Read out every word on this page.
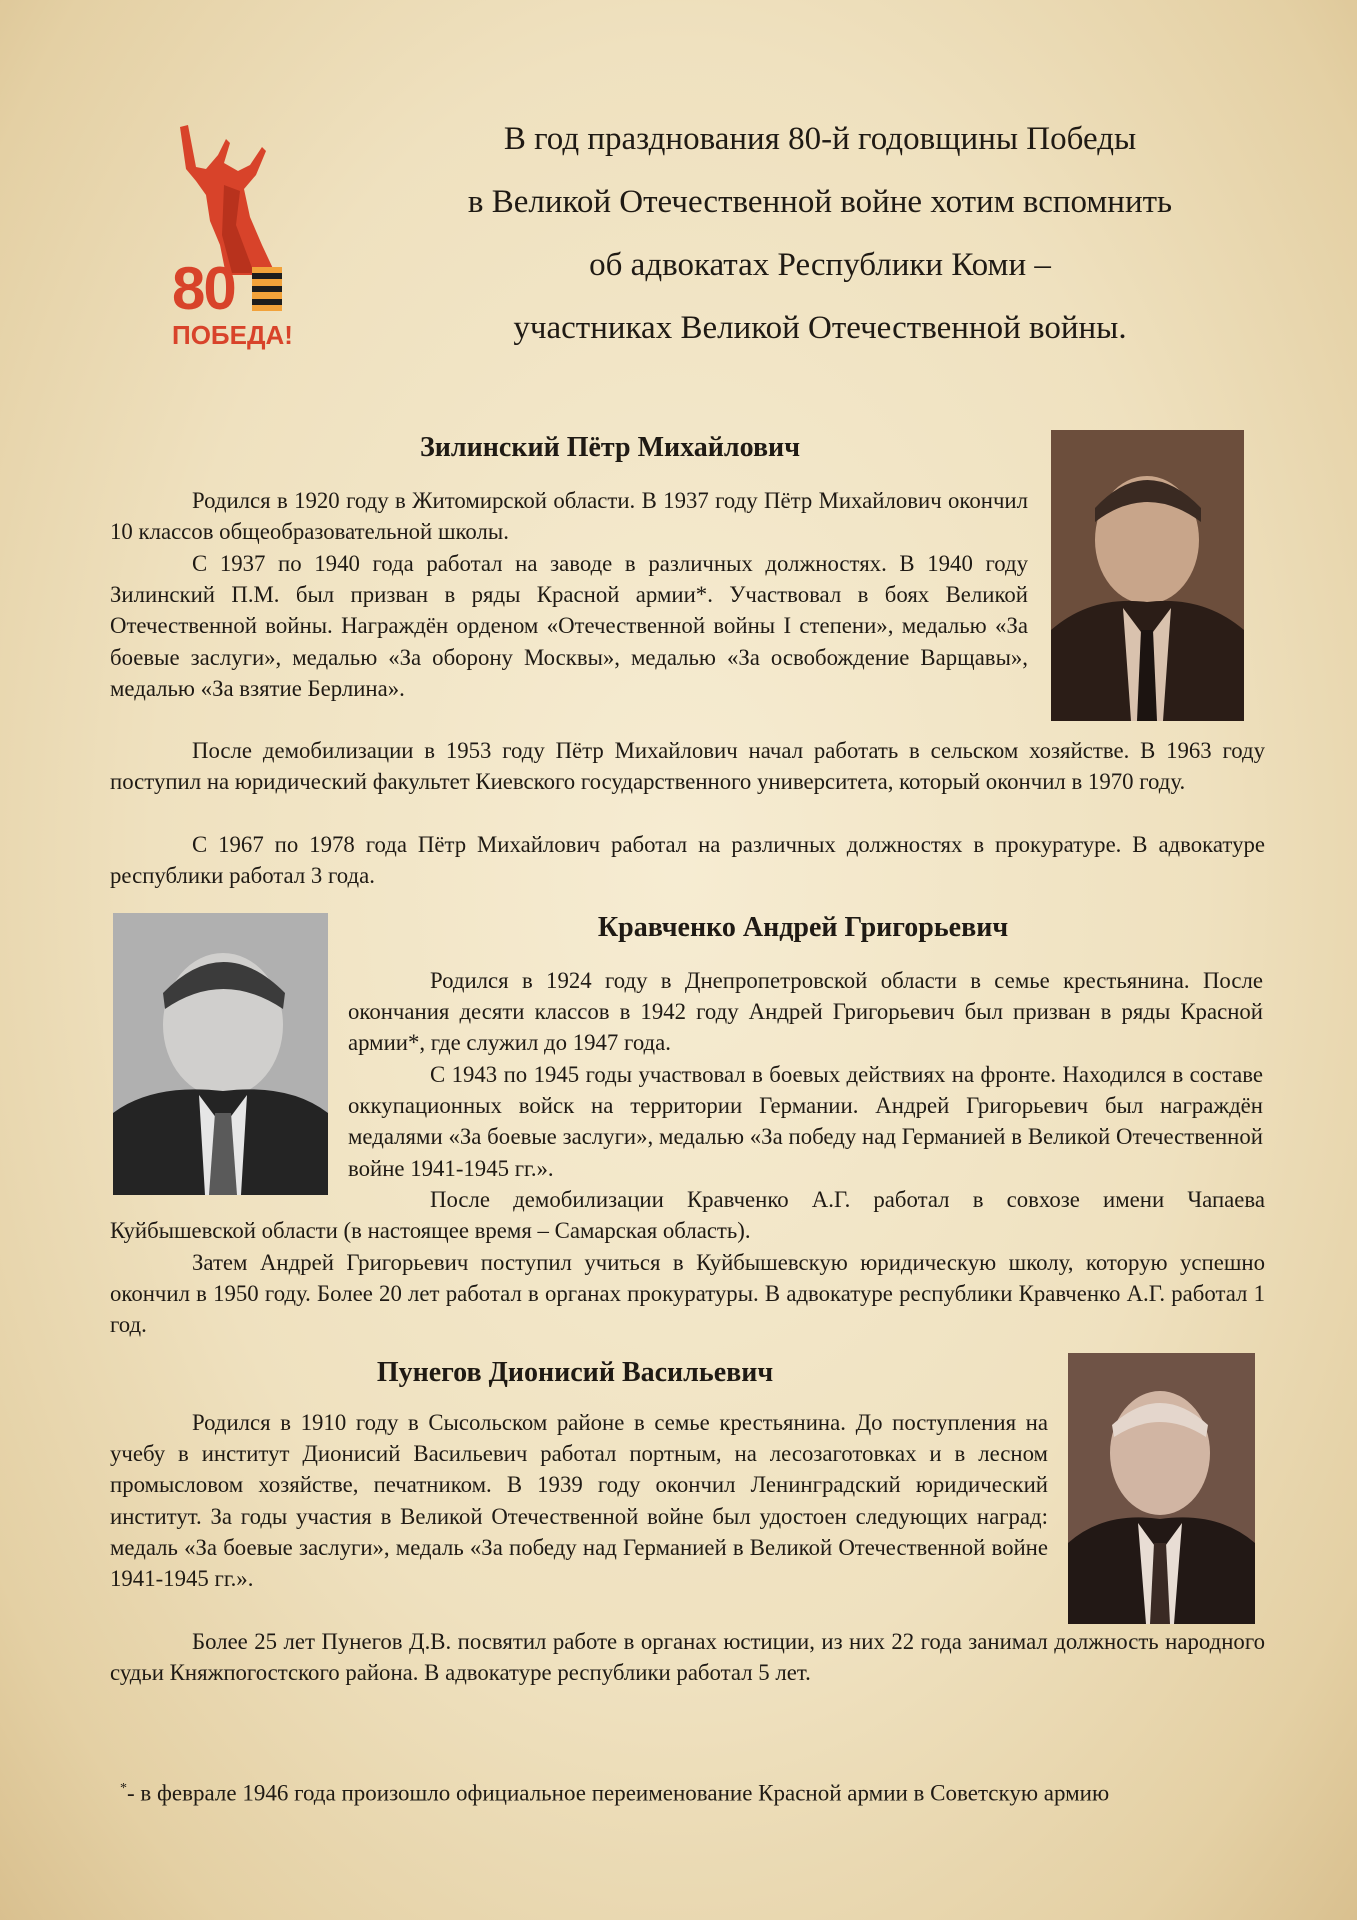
80
ПОБЕДА!

В год празднования 80-й годовщины Победы

в Великой Отечественной войне хотим вспомнить

об адвокатах Республики Коми –

участниках Великой Отечественной войны.

Зилинский Пётр Михайлович

Родился в 1920 году в Житомирской области. В 1937 году Пётр Михайлович окончил 10 классов общеобразовательной школы.

С 1937 по 1940 года работал на заводе в различных должностях. В 1940 году Зилинский П.М. был призван в ряды Красной армии*. Участвовал в боях Великой Отечественной войны. Награждён орденом «Отечественной войны I степени», медалью «За боевые заслуги», медалью «За оборону Москвы», медалью «За освобождение Варщавы», медалью «За взятие Берлина».

После демобилизации в 1953 году Пётр Михайлович начал работать в сельском хозяйстве. В 1963 году поступил на юридический факультет Киевского государственного университета, который окончил в 1970 году.

С 1967 по 1978 года Пётр Михайлович работал на различных должностях в прокуратуре. В адвокатуре республики работал 3 года.

Кравченко Андрей Григорьевич

Родился в 1924 году в Днепропетровской области в семье крестьянина. После окончания десяти классов в 1942 году Андрей Григорьевич был призван в ряды Красной армии*, где служил до 1947 года.

С 1943 по 1945 годы участвовал в боевых действиях на фронте. Находился в составе оккупационных войск на территории Германии. Андрей Григорьевич был награждён медалями «За боевые заслуги», медалью «За победу над Германией в Великой Отечественной войне 1941-1945 гг.».

После демобилизации Кравченко А.Г. работал в совхозе имени Чапаева Куйбышевской области (в настоящее время – Самарская область).

Затем Андрей Григорьевич поступил учиться в Куйбышевскую юридическую школу, которую успешно окончил в 1950 году. Более 20 лет работал в органах прокуратуры. В адвокатуре республики Кравченко А.Г. работал 1 год.

Пунегов Дионисий Васильевич

Родился в 1910 году в Сысольском районе в семье крестьянина. До поступления на учебу в институт Дионисий Васильевич работал портным, на лесозаготовках и в лесном промысловом хозяйстве, печатником. В 1939 году окончил Ленинградский юридический институт. За годы участия в Великой Отечественной войне был удостоен следующих наград: медаль «За боевые заслуги», медаль «За победу над Германией в Великой Отечественной войне 1941-1945 гг.».

Более 25 лет Пунегов Д.В. посвятил работе в органах юстиции, из них 22 года занимал должность народного судьи Княжпогостского района. В адвокатуре республики работал 5 лет.

*- в феврале 1946 года произошло официальное переименование Красной армии в Советскую армию
